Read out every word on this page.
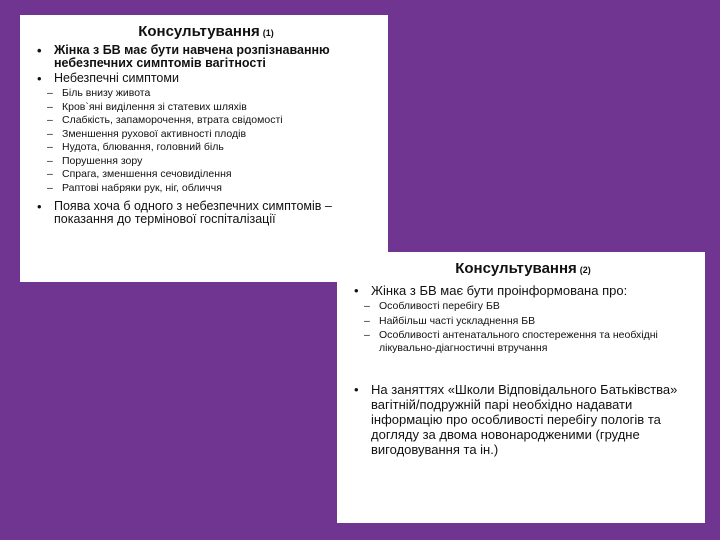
Консультування (1)
• Жінка з БВ має бути навчена розпізнаванню небезпечних симптомів вагітності
• Небезпечні симптоми
– Біль внизу живота
– Кров`яні виділення зі статевих шляхів
– Слабкість, запаморочення, втрата свідомості
– Зменшення рухової активності плодів
– Нудота, блювання, головний біль
– Порушення зору
– Спрага, зменшення сечовиділення
– Раптові набряки рук, ніг, обличчя
• Поява хоча б одного з небезпечних симптомів – показання до термінової госпіталізації
Консультування (2)
• Жінка з БВ має бути проінформована про:
– Особливості перебігу БВ
– Найбільш часті ускладнення БВ
– Особливості антенатального спостереження та необхідні лікувально-діагностичні втручання
• На заняттях «Школи Відповідального Батьківства» вагітній/подружній парі необхідно надавати інформацію про особливості перебігу пологів та догляду за двома новонародженими (грудне вигодовування та ін.)
